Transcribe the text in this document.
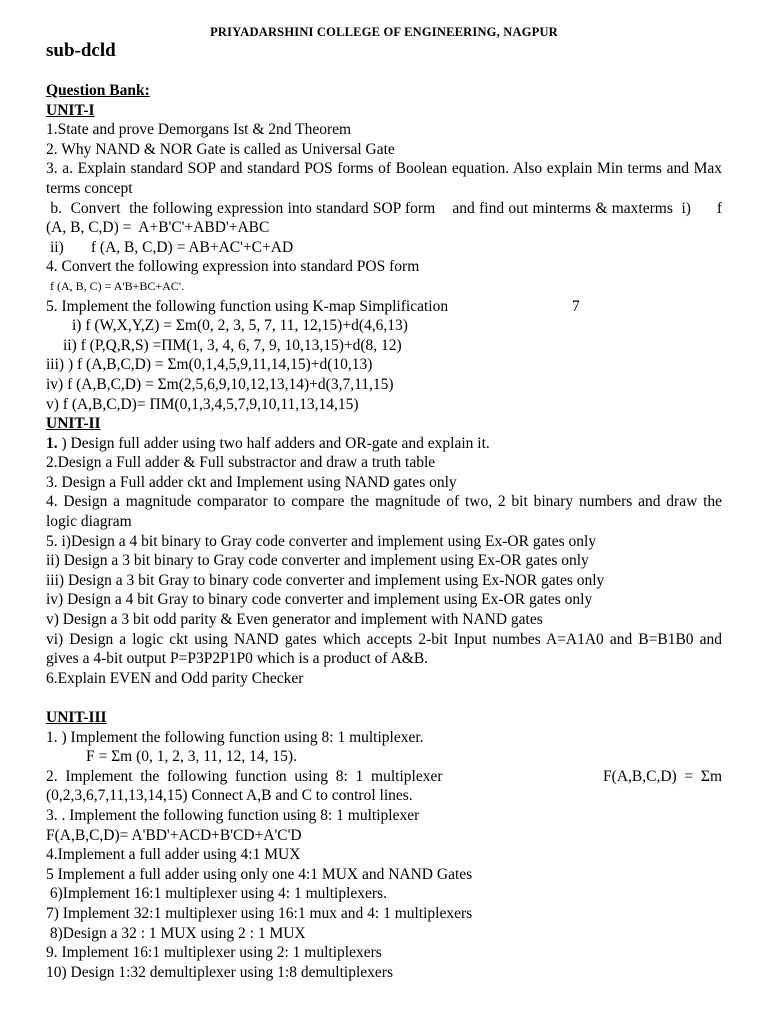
PRIYADARSHINI COLLEGE OF ENGINEERING, NAGPUR
sub-dcld
Question Bank:
UNIT-I
1.State and prove Demorgans Ist & 2nd Theorem
2. Why NAND & NOR Gate is called as Universal Gate
3. a. Explain standard SOP and standard POS forms of Boolean equation. Also explain Min terms and Max terms concept
b.  Convert  the following expression into standard SOP form    and find out minterms & maxterms  i)      f (A, B, C,D) =  A+B'C'+ABD'+ABC
ii)       f (A, B, C,D) = AB+AC'+C+AD
4. Convert the following expression into standard POS form
f (A, B, C) = A'B+BC+AC'.
5. Implement the following function using K-map Simplification	7
i) f (W,X,Y,Z) = Σm(0, 2, 3, 5, 7, 11, 12,15)+d(4,6,13)
ii) f (P,Q,R,S) =ΠM(1, 3, 4, 6, 7, 9, 10,13,15)+d(8, 12)
iii) ) f (A,B,C,D) = Σm(0,1,4,5,9,11,14,15)+d(10,13)
iv) f (A,B,C,D) = Σm(2,5,6,9,10,12,13,14)+d(3,7,11,15)
v) f (A,B,C,D)= ΠM(0,1,3,4,5,7,9,10,11,13,14,15)
UNIT-II
1. ) Design full adder using two half adders and OR-gate and explain it.
2.Design a Full adder & Full substractor and draw a truth table
3. Design a Full adder ckt and Implement using NAND gates only
4. Design a magnitude comparator to compare the magnitude of two, 2 bit binary numbers and draw the logic diagram
5. i)Design a 4 bit binary to Gray code converter and implement using Ex-OR gates only
ii) Design a 3 bit binary to Gray code converter and implement using Ex-OR gates only
iii) Design a 3 bit Gray to binary code converter and implement using Ex-NOR gates only
iv) Design a 4 bit Gray to binary code converter and implement using Ex-OR gates only
v) Design a 3 bit odd parity & Even generator and implement with NAND gates
vi) Design a logic ckt using NAND gates which accepts 2-bit Input numbes A=A1A0 and B=B1B0 and gives a 4-bit output P=P3P2P1P0 which is a product of A&B.
6.Explain EVEN and Odd parity Checker
UNIT-III
1. ) Implement the following function using 8: 1 multiplexer.
F = Σm (0, 1, 2, 3, 11, 12, 14, 15).
2.  Implement  the  following  function  using  8:  1  multiplexer	F(A,B,C,D)  =  Σm
(0,2,3,6,7,11,13,14,15) Connect A,B and C to control lines.
3. . Implement the following function using 8: 1 multiplexer
F(A,B,C,D)= A'BD'+ACD+B'CD+A'C'D
4.Implement a full adder using 4:1 MUX
5 Implement a full adder using only one 4:1 MUX and NAND Gates
6)Implement 16:1 multiplexer using 4: 1 multiplexers.
7) Implement 32:1 multiplexer using 16:1 mux and 4: 1 multiplexers
8)Design a 32 : 1 MUX using 2 : 1 MUX
9. Implement 16:1 multiplexer using 2: 1 multiplexers
10) Design 1:32 demultiplexer using 1:8 demultiplexers
